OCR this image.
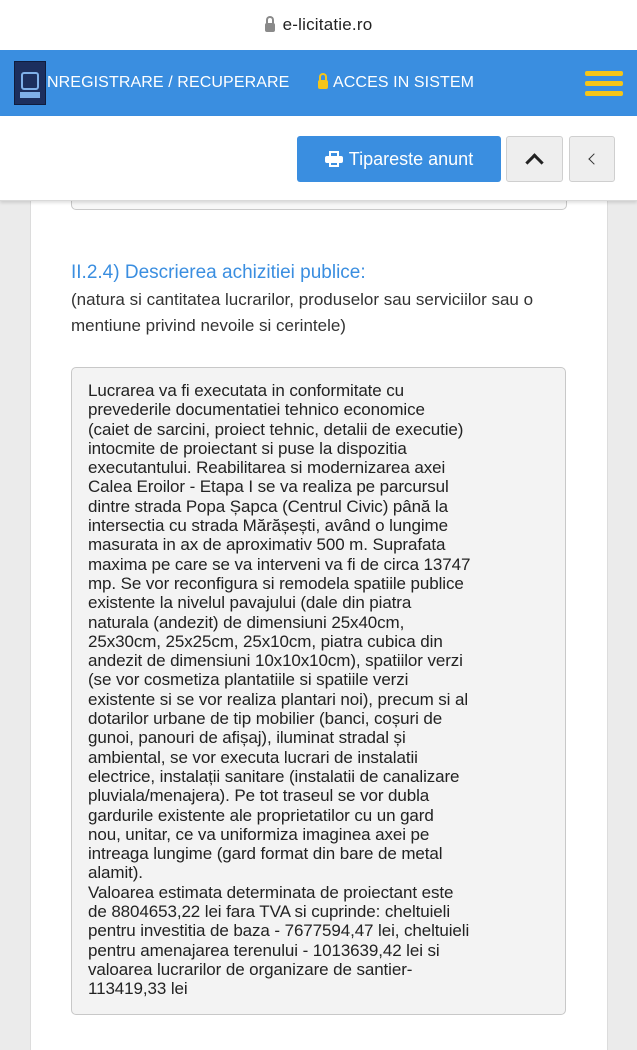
e-licitatie.ro
NREGISTRARE / RECUPERARE	ACCES IN SISTEM
Tipareste anunt
II.2.4) Descrierea achizitiei publice:
(natura si cantitatea lucrarilor, produselor sau serviciilor sau o mentiune privind nevoile si cerintele)
Lucrarea va fi executata in conformitate cu
prevederile documentatiei tehnico economice
(caiet de sarcini, proiect tehnic, detalii de executie)
intocmite de proiectant si puse la dispozitia
executantului. Reabilitarea si modernizarea axei
Calea Eroilor - Etapa I se va realiza pe parcursul
dintre strada Popa Șapca (Centrul Civic) până la
intersectia cu strada Mărășești, având o lungime
masurata in ax de aproximativ 500 m. Suprafata
maxima pe care se va interveni va fi de circa 13747
mp. Se vor reconfigura si remodela spatiile publice
existente la nivelul pavajului (dale din piatra
naturala (andezit) de dimensiuni 25x40cm,
25x30cm, 25x25cm, 25x10cm, piatra cubica din
andezit de dimensiuni 10x10x10cm), spatiilor verzi
(se vor cosmetiza plantatiile si spatiile verzi
existente si se vor realiza plantari noi), precum si al
dotarilor urbane de tip mobilier (banci, coșuri de
gunoi, panouri de afișaj), iluminat stradal și
ambiental, se vor executa lucrari de instalatii
electrice, instalații sanitare (instalatii de canalizare
pluviala/menajera). Pe tot traseul se vor dubla
gardurile existente ale proprietatilor cu un gard
nou, unitar, ce va uniformiza imaginea axei pe
intreaga lungime (gard format din bare de metal
alamit).
Valoarea estimata determinata de proiectant este
de 8804653,22 lei fara TVA si cuprinde: cheltuieli
pentru investitia de baza - 7677594,47 lei, cheltuieli
pentru amenajarea terenului - 1013639,42 lei si
valoarea lucrarilor de organizare de santier-
113419,33 lei
